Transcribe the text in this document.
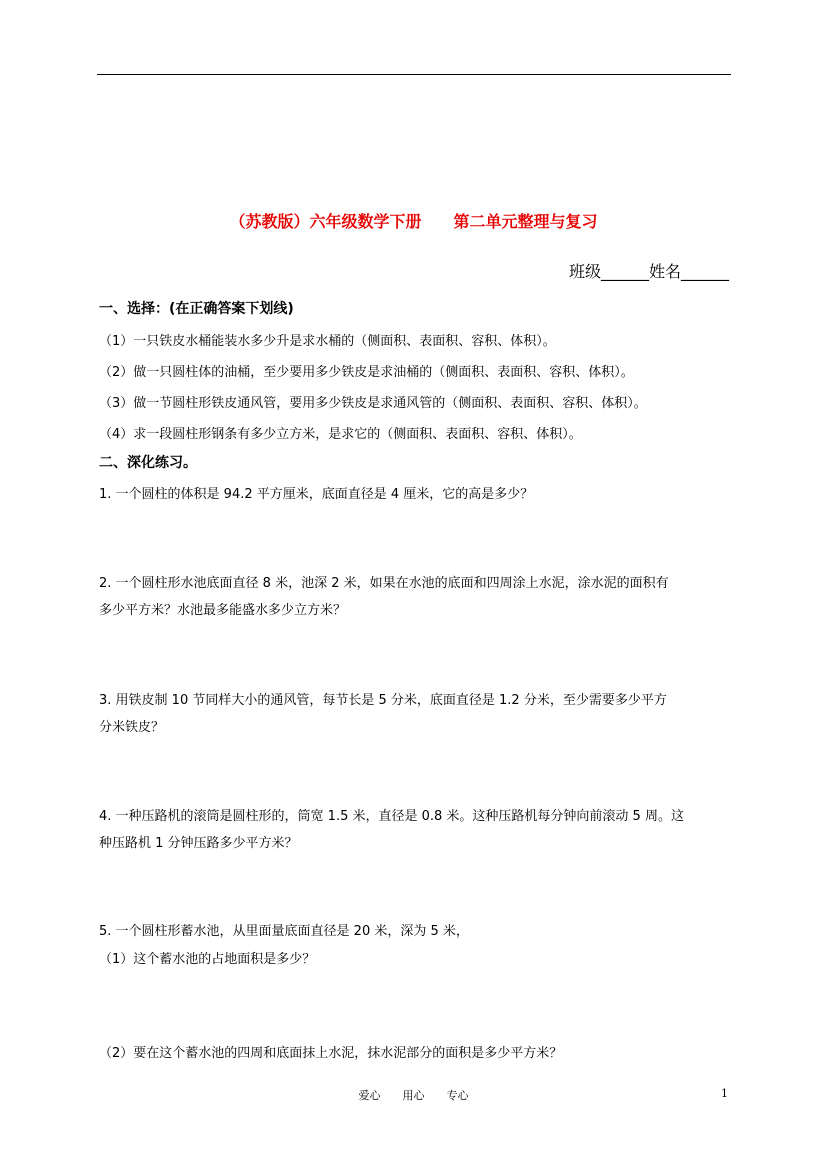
（苏教版）六年级数学下册　　第二单元整理与复习
班级______姓名______
一、选择：(在正确答案下划线)
（1）一只铁皮水桶能装水多少升是求水桶的（侧面积、表面积、容积、体积）。
（2）做一只圆柱体的油桶，至少要用多少铁皮是求油桶的（侧面积、表面积、容积、体积）。
（3）做一节圆柱形铁皮通风管，要用多少铁皮是求通风管的（侧面积、表面积、容积、体积）。
（4）求一段圆柱形钢条有多少立方米，是求它的（侧面积、表面积、容积、体积）。
二、深化练习。
1. 一个圆柱的体积是 94.2 平方厘米，底面直径是 4 厘米，它的高是多少？
2. 一个圆柱形水池底面直径 8 米，池深 2 米，如果在水池的底面和四周涂上水泥，涂水泥的面积有
多少平方米？水池最多能盛水多少立方米？
3. 用铁皮制 10 节同样大小的通风管，每节长是 5 分米，底面直径是 1.2 分米，至少需要多少平方
分米铁皮？
4. 一种压路机的滚筒是圆柱形的，筒宽 1.5 米，直径是 0.8 米。这种压路机每分钟向前滚动 5 周。这
种压路机 1 分钟压路多少平方米？
5. 一个圆柱形蓄水池，从里面量底面直径是 20 米，深为 5 米，
（1）这个蓄水池的占地面积是多少？
（2）要在这个蓄水池的四周和底面抹上水泥，抹水泥部分的面积是多少平方米？
爱心　　用心　　专心	1
